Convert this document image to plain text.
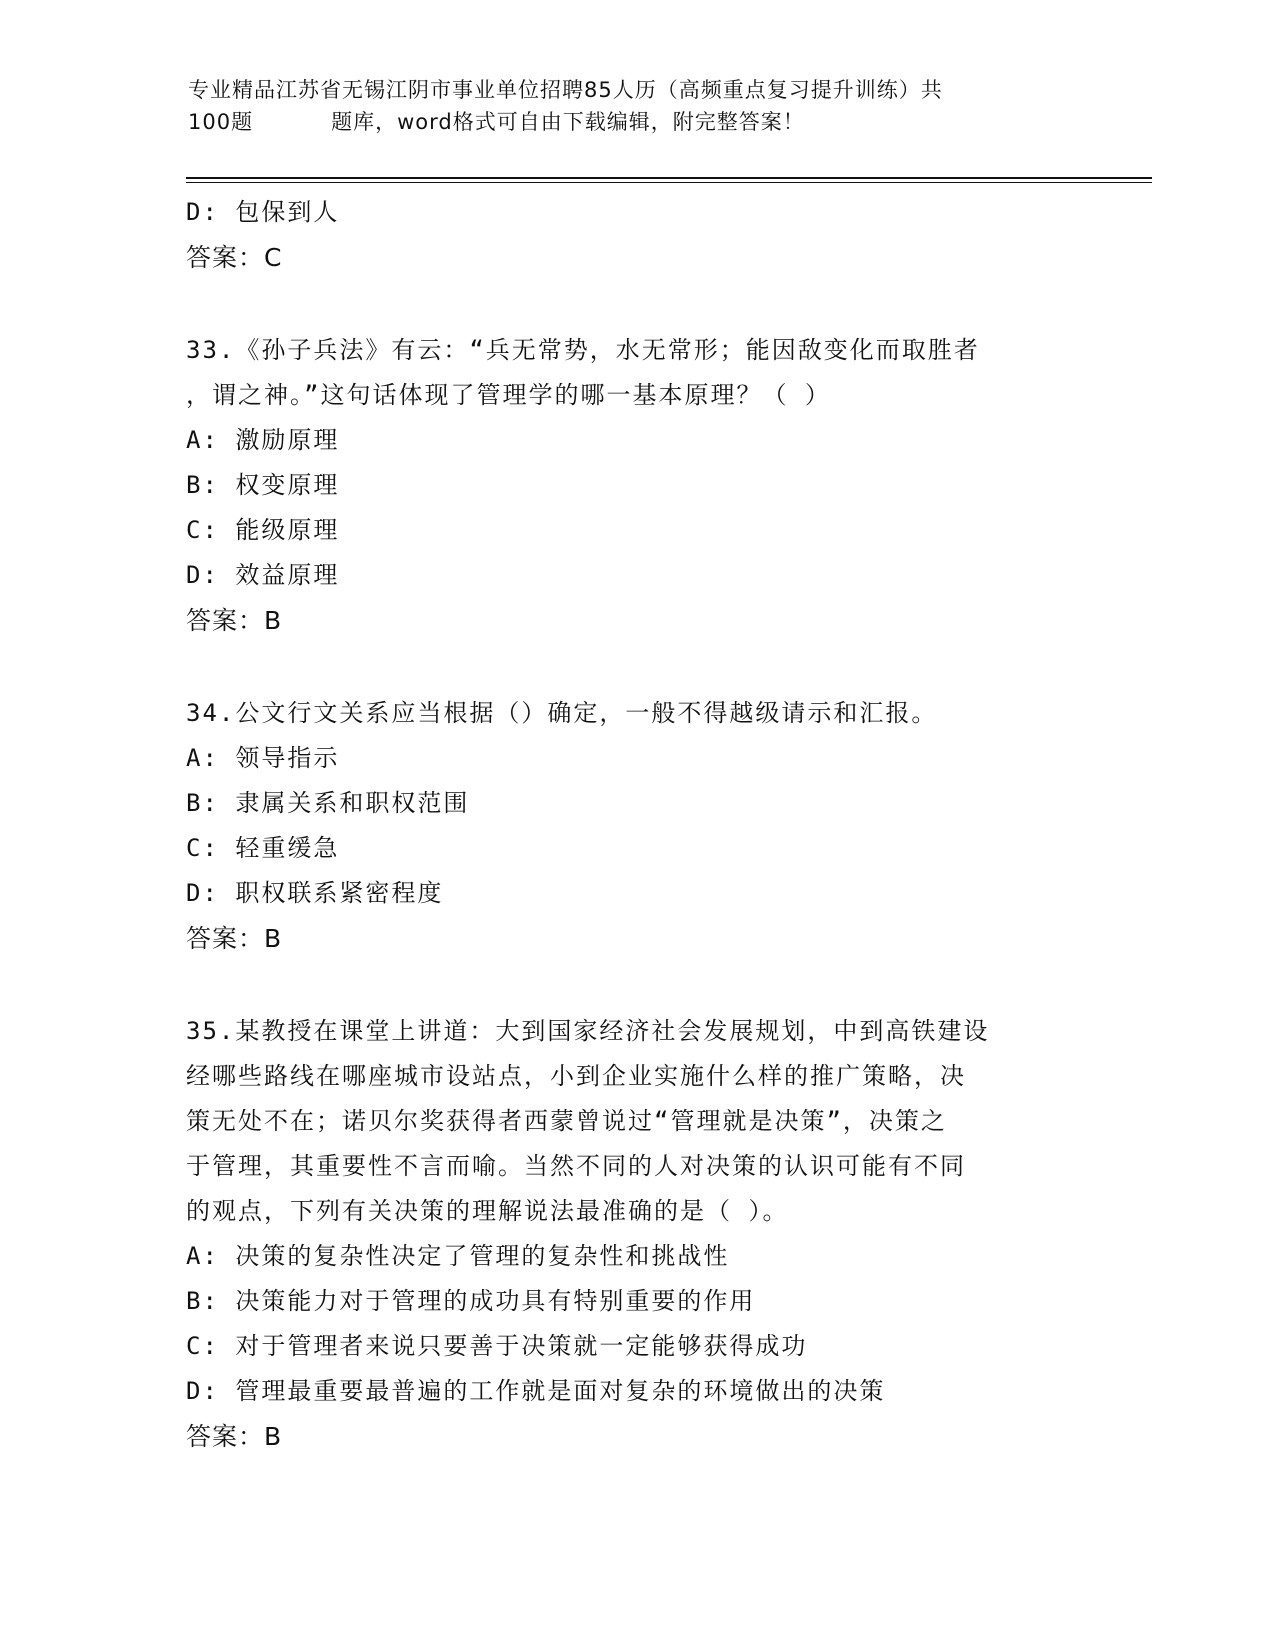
专业精品江苏省无锡江阴市事业单位招聘85人历（高频重点复习提升训练）共
100题	题库，word格式可自由下载编辑，附完整答案！
D: 包保到人
答案：C
33.《孙子兵法》有云：“兵无常势，水无常形；能因敌变化而取胜者
，谓之神。”这句话体现了管理学的哪一基本原理？（ ）
A: 激励原理
B: 权变原理
C: 能级原理
D: 效益原理
答案：B
34.公文行文关系应当根据（）确定，一般不得越级请示和汇报。
A: 领导指示
B: 隶属关系和职权范围
C: 轻重缓急
D: 职权联系紧密程度
答案：B
35.某教授在课堂上讲道：大到国家经济社会发展规划，中到高铁建设
经哪些路线在哪座城市设站点，小到企业实施什么样的推广策略，决
策无处不在；诺贝尔奖获得者西蒙曾说过“管理就是决策”，决策之
于管理，其重要性不言而喻。当然不同的人对决策的认识可能有不同
的观点，下列有关决策的理解说法最准确的是（ ）。
A: 决策的复杂性决定了管理的复杂性和挑战性
B: 决策能力对于管理的成功具有特别重要的作用
C: 对于管理者来说只要善于决策就一定能够获得成功
D: 管理最重要最普遍的工作就是面对复杂的环境做出的决策
答案：B
